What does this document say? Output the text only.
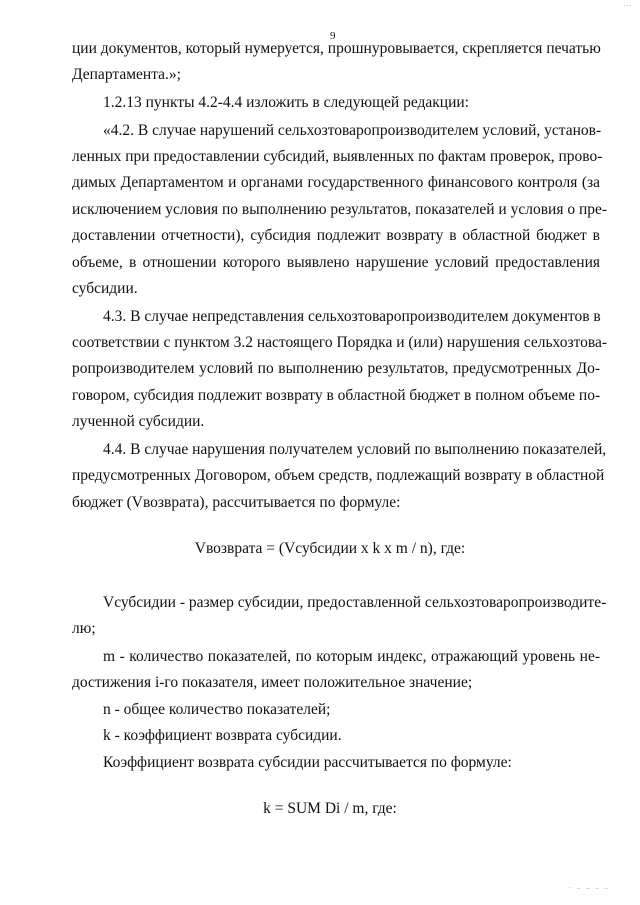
...
9
ции документов, который нумеруется, прошнуровывается, скрепляется печатью
Департамента.»;
1.2.13 пункты 4.2-4.4 изложить в следующей редакции:
«4.2. В случае нарушений сельхозтоваропроизводителем условий, установ-
ленных при предоставлении субсидий, выявленных по фактам проверок, прово-
димых Департаментом и органами государственного финансового контроля (за
исключением условия по выполнению результатов, показателей и условия о пре-
доставлении отчетности), субсидия подлежит возврату в областной бюджет в
объеме, в отношении которого выявлено нарушение условий предоставления
субсидии.
4.3. В случае непредставления сельхозтоваропроизводителем документов в
соответствии с пунктом 3.2 настоящего Порядка и (или) нарушения сельхозтова-
ропроизводителем условий по выполнению результатов, предусмотренных До-
говором, субсидия подлежит возврату в областной бюджет в полном объеме по-
лученной субсидии.
4.4. В случае нарушения получателем условий по выполнению показателей,
предусмотренных Договором, объем средств, подлежащий возврату в областной
бюджет (Vвозврата), рассчитывается по формуле:
Vвозврата = (Vсубсидии x k x m / n), где:
Vсубсидии - размер субсидии, предоставленной сельхозтоваропроизводите-
лю;
m - количество показателей, по которым индекс, отражающий уровень не-
достижения i-го показателя, имеет положительное значение;
n - общее количество показателей;
k - коэффициент возврата субсидии.
Коэффициент возврата субсидии рассчитывается по формуле:
k = SUM Di / m, где:
· ‒ ‒ ‒ ‒
